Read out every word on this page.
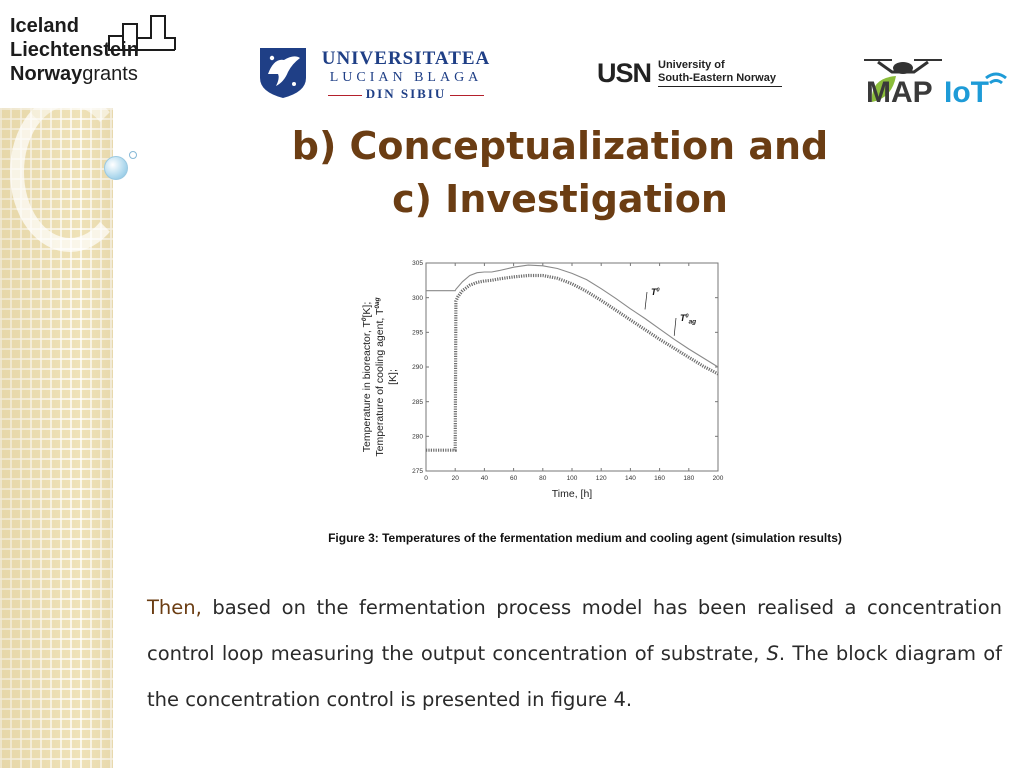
Iceland
Liechtenstein
Norwaygrants
UNIVERSITATEA
LUCIAN BLAGA
DIN SIBIU
USN University of
South-Eastern Norway	MAP IoT
b) Conceptualization and
c) Investigation
0	20	40	60	80	100	120	140	160	180	200
275
280
285
290
295
300
305
$T^0$
$T^0_{ag}$
Time, [h]
Temperature in bioreactor, $T^0[K]$; Temperature of cooling agent, $T^0ag$
[K];
Figure 3: Temperatures of the fermentation medium and cooling agent (simulation results)
Then, based on the fermentation process model has been realised a concentration control loop measuring the output concentration of substrate, S. The block diagram of the concentration control is presented in figure 4.
